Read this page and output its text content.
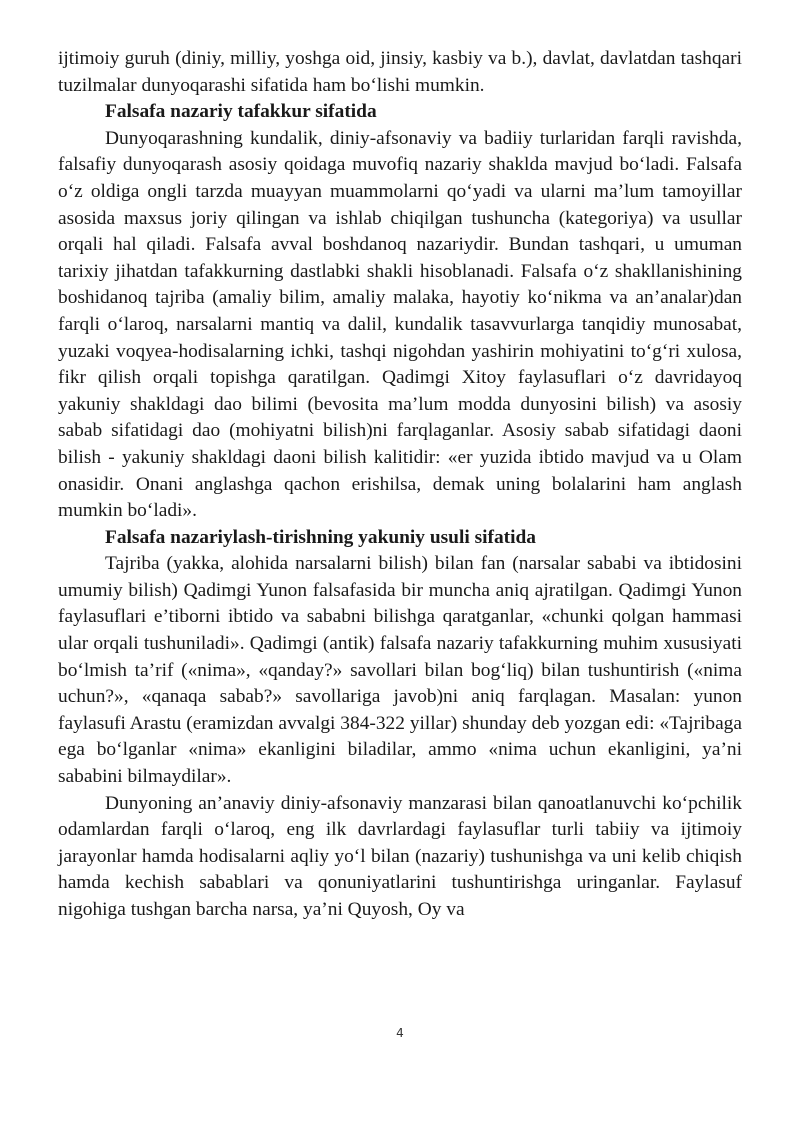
ijtimoiy guruh (diniy, milliy, yoshga oid, jinsiy, kasbiy va b.), davlat, davlatdan tashqari tuzilmalar dunyoqarashi sifatida ham bo‘lishi mumkin.

Falsafa nazariy tafakkur sifatida

Dunyoqarashning kundalik, diniy-afsonaviy va badiiy turlaridan farqli ravishda, falsafiy dunyoqarash asosiy qoidaga muvofiq nazariy shaklda mavjud bo‘ladi. Falsafa o‘z oldiga ongli tarzda muayyan muammolarni qo‘yadi va ularni ma’lum tamoyillar asosida maxsus joriy qilingan va ishlab chiqilgan tushuncha (kategoriya) va usullar orqali hal qiladi. Falsafa avval boshdanoq nazariydir. Bundan tashqari, u umuman tarixiy jihatdan tafakkurning dastlabki shakli hisoblanadi. Falsafa o‘z shakllanishining boshidanoq tajriba (amaliy bilim, amaliy malaka, hayotiy ko‘nikma va an’analar)dan farqli o‘laroq, narsalarni mantiq va dalil, kundalik tasavvurlarga tanqidiy munosabat, yuzaki voqyea-hodisalarning ichki, tashqi nigohdan yashirin mohiyatini to‘g‘ri xulosa, fikr qilish orqali topishga qaratilgan. Qadimgi Xitoy faylasuflari o‘z davridayoq yakuniy shakldagi dao bilimi (bevosita ma’lum modda dunyosini bilish) va asosiy sabab sifatidagi dao (mohiyatni bilish)ni farqlaganlar. Asosiy sabab sifatidagi daoni bilish - yakuniy shakldagi daoni bilish kalitidir: «er yuzida ibtido mavjud va u Olam onasidir. Onani anglashga qachon erishilsa, demak uning bolalarini ham anglash mumkin bo‘ladi».

Falsafa nazariylash-tirishning yakuniy usuli sifatida

Tajriba (yakka, alohida narsalarni bilish) bilan fan (narsalar sababi va ibtidosini umumiy bilish) Qadimgi Yunon falsafasida bir muncha aniq ajratilgan. Qadimgi Yunon faylasuflari e’tiborni ibtido va sababni bilishga qaratganlar, «chunki qolgan hammasi ular orqali tushuniladi». Qadimgi (antik) falsafa nazariy tafakkurning muhim xususiyati bo‘lmish ta’rif («nima», «qanday?» savollari bilan bog‘liq) bilan tushuntirish («nima uchun?», «qanaqa sabab?» savollariga javob)ni aniq farqlagan. Masalan: yunon faylasufi Arastu (eramizdan avvalgi 384-322 yillar) shunday deb yozgan edi: «Tajribaga ega bo‘lganlar «nima» ekanligini biladilar, ammo «nima uchun ekanligini, ya’ni sababini bilmaydilar».

Dunyoning an’anaviy diniy-afsonaviy manzarasi bilan qanoatlanuvchi ko‘pchilik odamlardan farqli o‘laroq, eng ilk davrlardagi faylasuflar turli tabiiy va ijtimoiy jarayonlar hamda hodisalarni aqliy yo‘l bilan (nazariy) tushunishga va uni kelib chiqish hamda kechish sabablari va qonuniyatlarini tushuntirishga uringanlar. Faylasuf nigohiga tushgan barcha narsa, ya’ni Quyosh, Oy va

4
